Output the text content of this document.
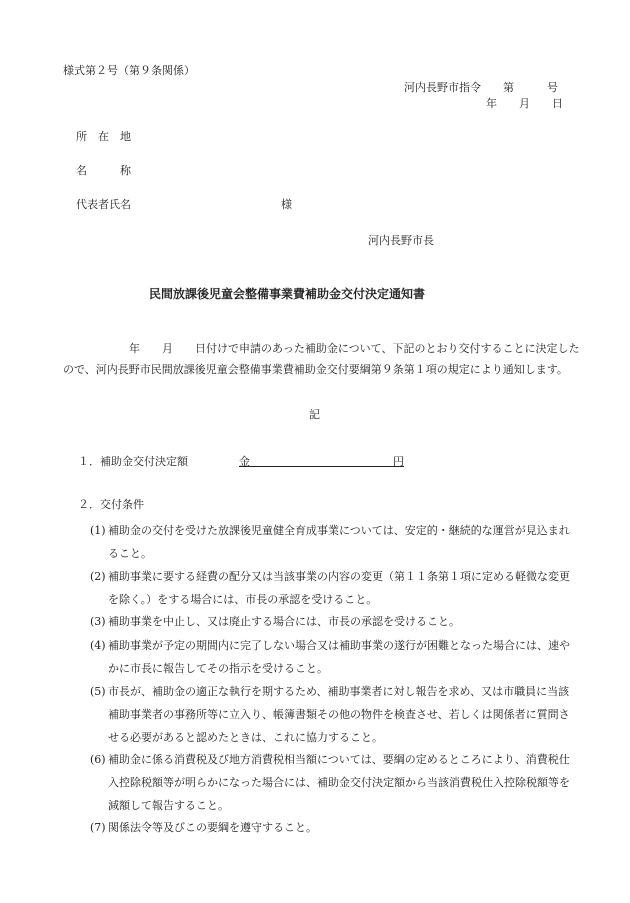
様式第２号（第９条関係）
河内長野市指令　　第　　　号
年　　月　　日
所　在　地
名　　　称
代表者氏名	様
河内長野市長
民間放課後児童会整備事業費補助金交付決定通知書
　　　　　　年　　月　　日付けで申請のあった補助金について、下記のとおり交付することに決定したので、河内長野市民間放課後児童会整備事業費補助金交付要綱第９条第１項の規定により通知します。
記
１．補助金交付決定額	金　　　　　　　　　　　　　円
２．交付条件
(1) 補助金の交付を受けた放課後児童健全育成事業については、安定的・継続的な運営が見込まれること。
(2) 補助事業に要する経費の配分又は当該事業の内容の変更（第１１条第１項に定める軽微な変更を除く。）をする場合には、市長の承認を受けること。
(3) 補助事業を中止し、又は廃止する場合には、市長の承認を受けること。
(4) 補助事業が予定の期間内に完了しない場合又は補助事業の遂行が困難となった場合には、速やかに市長に報告してその指示を受けること。
(5) 市長が、補助金の適正な執行を期するため、補助事業者に対し報告を求め、又は市職員に当該補助事業者の事務所等に立入り、帳簿書類その他の物件を検査させ、若しくは関係者に質問させる必要があると認めたときは、これに協力すること。
(6) 補助金に係る消費税及び地方消費税相当額については、要綱の定めるところにより、消費税仕入控除税額等が明らかになった場合には、補助金交付決定額から当該消費税仕入控除税額等を減額して報告すること。
(7) 関係法令等及びこの要綱を遵守すること。
